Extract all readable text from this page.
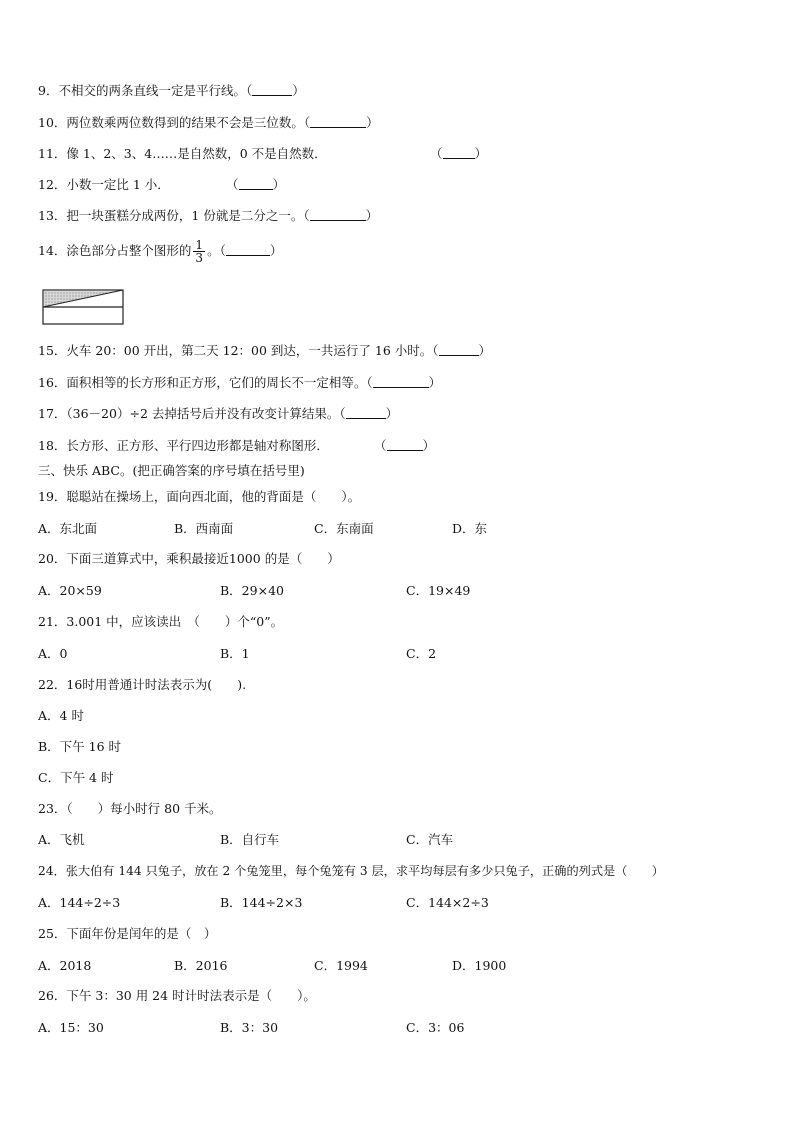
9．不相交的两条直线一定是平行线。（	）
10．两位数乘两位数得到的结果不会是三位数。（	）
11．像 1、2、3、4……是自然数，0 不是自然数．	（	）
12．小数一定比 1 小．	（	）
13．把一块蛋糕分成两份，1 份就是二分之一。（	）
14．涂色部分占整个图形的 $\frac{1}{3}$ 。（	）
15．火车 20：00 开出，第二天 12：00 到达，一共运行了 16 小时。（	）
16．面积相等的长方形和正方形，它们的周长不一定相等。（	）
17．（36－20）÷2 去掉括号后并没有改变计算结果。（	）
18．长方形、正方形、平行四边形都是轴对称图形．	（	）
三、快乐 ABC。(把正确答案的序号填在括号里)
19．聪聪站在操场上，面向西北面，他的背面是（　　）。
A．东北面	B．西南面	C．东南面	D．东
20．下面三道算式中，乘积最接近1000 的是（　　）
A．20×59	B．29×40	C．19×49
21．3.001 中，应该读出　（　　）个“0”。
A．0	B．1	C．2
22．16时用普通计时法表示为(　　).
A．4 时
B．下午 16 时
C．下午 4 时
23．（　　）每小时行 80 千米。
A．飞机	B．自行车	C．汽车
24．张大伯有 144 只兔子，放在 2 个兔笼里，每个兔笼有 3 层，求平均每层有多少只兔子，正确的列式是（　　）
A．144÷2÷3	B．144÷2×3	C．144×2÷3
25．下面年份是闰年的是（　）
A．2018	B．2016	C．1994	D．1900
26．下午 3：30 用 24 时计时法表示是（　　）。
A．15：30	B．3：30	C．3：06
